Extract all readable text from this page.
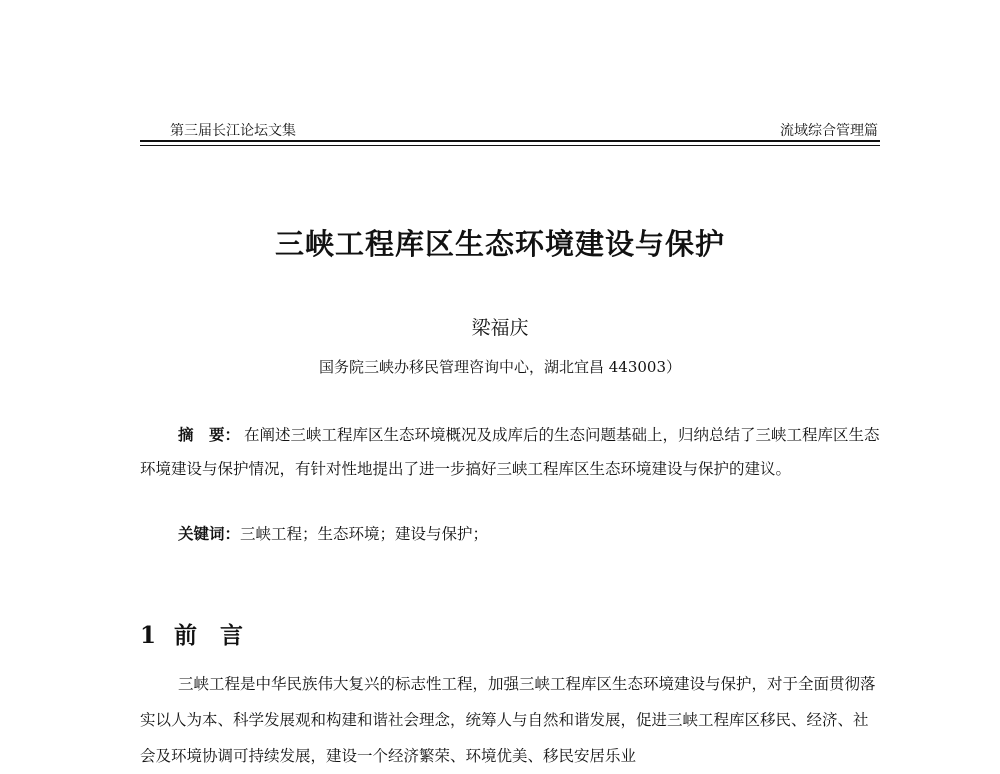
第三届长江论坛文集	流域综合管理篇
三峡工程库区生态环境建设与保护
梁福庆
国务院三峡办移民管理咨询中心，湖北宜昌 443003）
摘　要： 在阐述三峡工程库区生态环境概况及成库后的生态问题基础上，归纳总结了三峡工程库区生态环境建设与保护情况，有针对性地提出了进一步搞好三峡工程库区生态环境建设与保护的建议。
关键词：三峡工程；生态环境；建设与保护；
1 前　言
三峡工程是中华民族伟大复兴的标志性工程，加强三峡工程库区生态环境建设与保护，对于全面贯彻落实以人为本、科学发展观和构建和谐社会理念，统筹人与自然和谐发展，促进三峡工程库区移民、经济、社会及环境协调可持续发展，建设一个经济繁荣、环境优美、移民安居乐业
